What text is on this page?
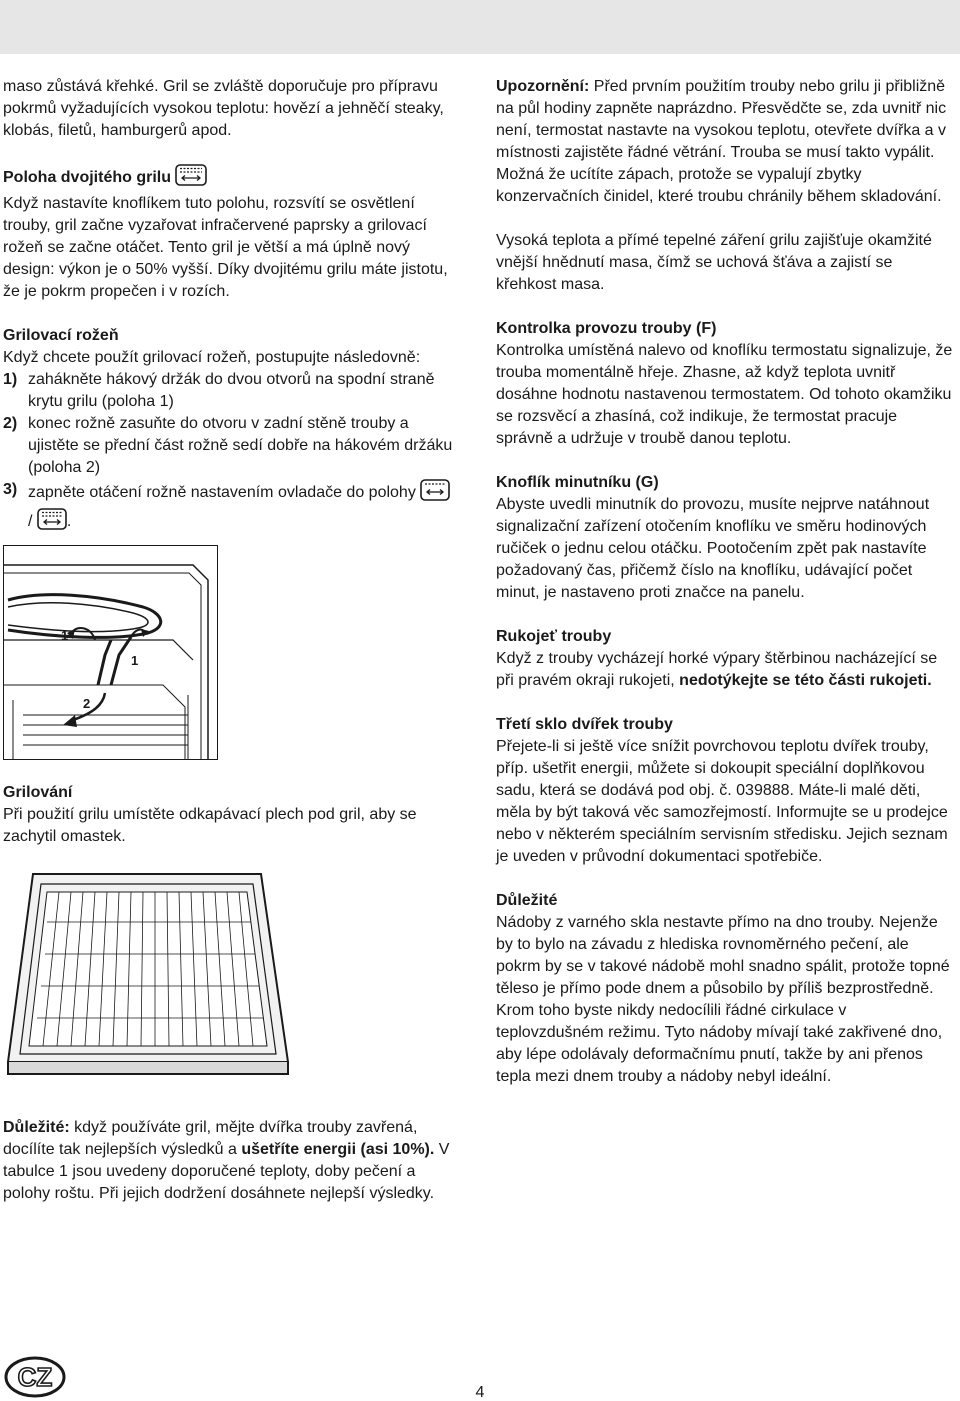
maso zůstává křehké. Gril se zvláště doporučuje pro přípravu pokrmů vyžadujících vysokou teplotu: hovězí a jehněčí steaky, klobás, filetů, hamburgerů apod.

Poloha dvojitého grilu

Když nastavíte knoflíkem tuto polohu, rozsvítí se osvětlení trouby, gril začne vyzařovat infračervené paprsky a grilovací rožeň se začne otáčet. Tento gril je větší a má úplně nový design: výkon je o 50% vyšší. Díky dvojitému grilu máte jistotu, že je pokrm propečen i v rozích.

Grilovací rožeň

Když chcete použít grilovací rožeň, postupujte následovně:

1) zahákněte hákový držák do dvou otvorů na spodní straně krytu grilu (poloha 1)
2) konec rožně zasuňte do otvoru v zadní stěně trouby a ujistěte se přední část rožně sedí dobře na hákovém držáku (poloha 2)
3) zapněte otáčení rožně nastavením ovladače do polohy  / .
1
1
2

Grilování

Při použití grilu umístěte odkapávací plech pod gril, aby se zachytil omastek.

Důležité: když používáte gril, mějte dvířka trouby zavřená, docílíte tak nejlepších výsledků a ušetříte energii (asi 10%). V tabulce 1 jsou uvedeny doporučené teploty, doby pečení a polohy roštu. Při jejich dodržení dosáhnete nejlepší výsledky.

Upozornění: Před prvním použitím trouby nebo grilu ji přibližně na půl hodiny zapněte naprázdno. Přesvědčte se, zda uvnitř nic není, termostat nastavte na vysokou teplotu, otevřete dvířka a v místnosti zajistěte řádné větrání. Trouba se musí takto vypálit. Možná že ucítíte zápach, protože se vypalují zbytky konzervačních činidel, které troubu chránily během skladování.

Vysoká teplota a přímé tepelné záření grilu zajišťuje okamžité vnější hnědnutí masa, čímž se uchová šťáva a zajistí se křehkost masa.

Kontrolka provozu trouby (F)

Kontrolka umístěná nalevo od knoflíku termostatu signalizuje, že trouba momentálně hřeje. Zhasne, až když teplota uvnitř dosáhne hodnotu nastavenou termostatem. Od tohoto okamžiku se rozsvěcí a zhasíná, což indikuje, že termostat pracuje správně a udržuje v troubě danou teplotu.

Knoflík minutníku (G)

Abyste uvedli minutník do provozu, musíte nejprve natáhnout signalizační zařízení otočením knoflíku ve směru hodinových ručiček o jednu celou otáčku. Pootočením zpět pak nastavíte požadovaný čas, přičemž číslo na knoflíku, udávající počet minut, je nastaveno proti značce na panelu.

Rukojeť trouby

Když z trouby vycházejí horké výpary štěrbinou nacházející se při pravém okraji rukojeti, nedotýkejte se této části rukojeti.

Třetí sklo dvířek trouby

Přejete-li si ještě více snížit povrchovou teplotu dvířek trouby, příp. ušetřit energii, můžete si dokoupit speciální doplňkovou sadu, která se dodává pod obj. č. 039888. Máte-li malé děti, měla by být taková věc samozřejmostí. Informujte se u prodejce nebo v některém speciálním servisním středisku. Jejich seznam je uveden v průvodní dokumentaci spotřebiče.

Důležité

Nádoby z varného skla nestavte přímo na dno trouby. Nejenže by to bylo na závadu z hlediska rovnoměrného pečení, ale pokrm by se v takové nádobě mohl snadno spálit, protože topné těleso je přímo pode dnem a působilo by příliš bezprostředně. Krom toho byste nikdy nedocílili řádné cirkulace v teplovzdušném režimu. Tyto nádoby mívají také zakřivené dno, aby lépe odolávaly deformačnímu pnutí, takže by ani přenos tepla mezi dnem trouby a nádoby nebyl ideální.

CZ
4
